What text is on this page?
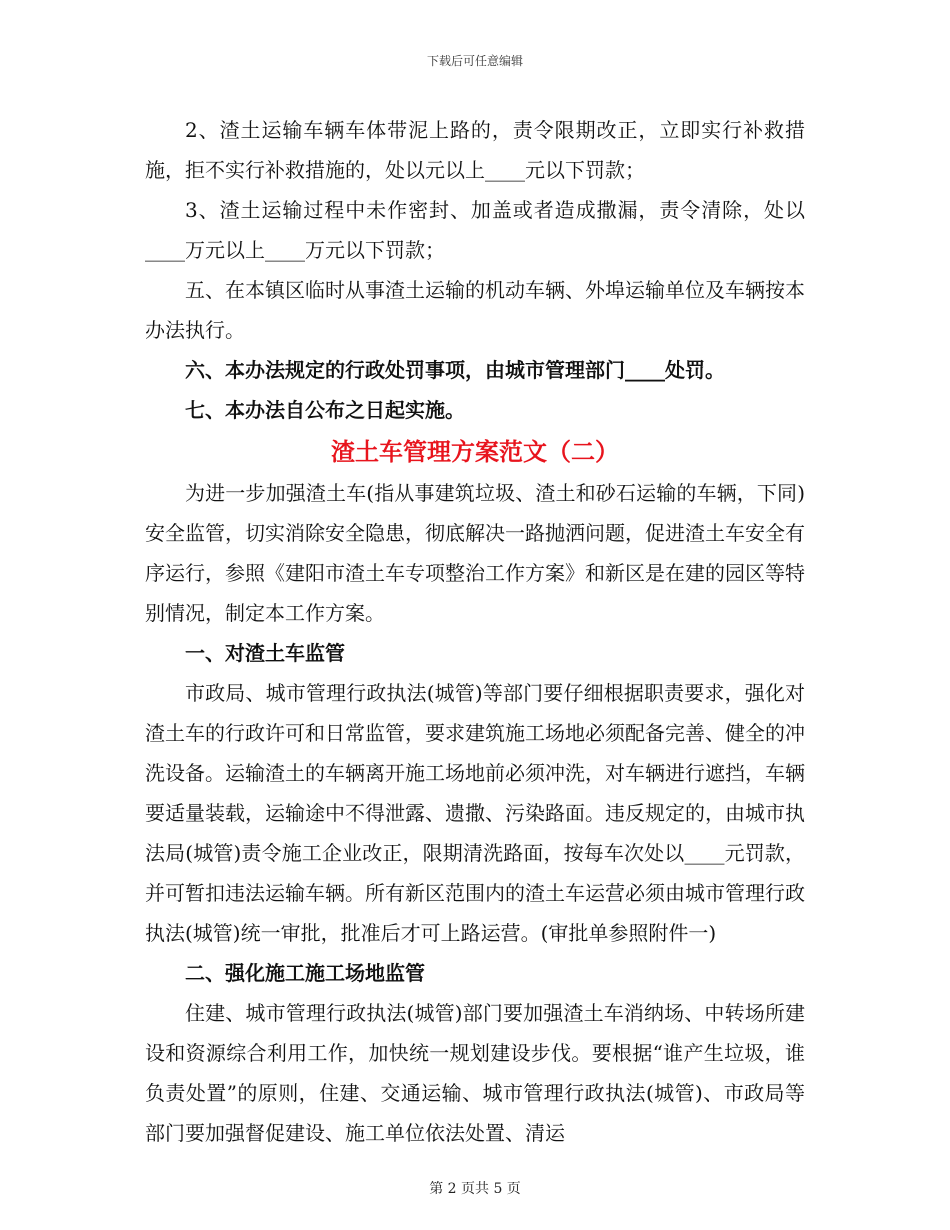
下载后可任意编辑

2、渣土运输车辆车体带泥上路的，责令限期改正，立即实行补救措施，拒不实行补救措施的，处以元以上____元以下罚款；

3、渣土运输过程中未作密封、加盖或者造成撒漏，责令清除，处以____万元以上____万元以下罚款；

五、在本镇区临时从事渣土运输的机动车辆、外埠运输单位及车辆按本办法执行。

六、本办法规定的行政处罚事项，由城市管理部门____处罚。

七、本办法自公布之日起实施。

渣土车管理方案范文（二）

为进一步加强渣土车(指从事建筑垃圾、渣土和砂石运输的车辆，下同)安全监管，切实消除安全隐患，彻底解决一路抛洒问题，促进渣土车安全有序运行，参照《建阳市渣土车专项整治工作方案》和新区是在建的园区等特别情况，制定本工作方案。

一、对渣土车监管

市政局、城市管理行政执法(城管)等部门要仔细根据职责要求，强化对渣土车的行政许可和日常监管，要求建筑施工场地必须配备完善、健全的冲洗设备。运输渣土的车辆离开施工场地前必须冲洗，对车辆进行遮挡，车辆要适量装载，运输途中不得泄露、遗撒、污染路面。违反规定的，由城市执法局(城管)责令施工企业改正，限期清洗路面，按每车次处以____元罚款，并可暂扣违法运输车辆。所有新区范围内的渣土车运营必须由城市管理行政执法(城管)统一审批，批准后才可上路运营。(审批单参照附件一)

二、强化施工施工场地监管

住建、城市管理行政执法(城管)部门要加强渣土车消纳场、中转场所建设和资源综合利用工作，加快统一规划建设步伐。要根据“谁产生垃圾，谁负责处置”的原则，住建、交通运输、城市管理行政执法(城管)、市政局等部门要加强督促建设、施工单位依法处置、清运

第 2 页共 5 页
